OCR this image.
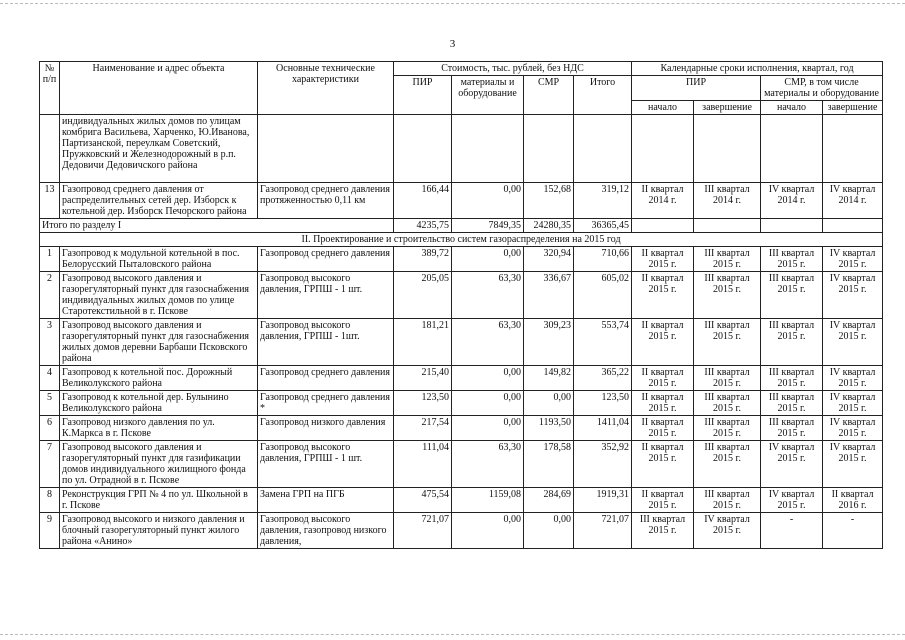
3
№ п/п	Наименование и адрес объекта	Основные технические характеристики	Стоимость, тыс. рублей, без НДС				Календарные сроки исполнения, квартал, год			
			ПИР	материалы и оборудование	СМР	Итого	ПИР		СМР, в том числе материалы и оборудование	
							начало	завершение	начало	завершение
	индивидуальных жилых домов по улицам комбрига Васильева, Харченко, Ю.Иванова, Партизанской, переулкам Советский, Пружковский и Железнодорожный в р.п. Дедовичи Дедовичского района									
13	Газопровод среднего давления от распределительных сетей дер. Изборск к котельной дер. Изборск Печорского района	Газопровод среднего давления протяженностью 0,11 км	166,44	0,00	152,68	319,12	II квартал 2014 г.	III квартал 2014 г.	IV квартал 2014 г.	IV квартал 2014 г.
Итого по разделу I			4235,75	7849,35	24280,35	36365,45				
II. Проектирование и строительство систем газораспределения на 2015 год										
1	Газопровод к модульной котельной в пос. Белорусский Пыталовского района	Газопровод среднего давления	389,72	0,00	320,94	710,66	II квартал 2015 г.	III квартал 2015 г.	III квартал 2015 г.	IV квартал 2015 г.
2	Газопровод высокого давления и газорегуляторный пункт для газоснабжения индивидуальных жилых домов по улице Старотекстильной в г. Пскове	Газопровод высокого давления, ГРПШ - 1 шт.	205,05	63,30	336,67	605,02	II квартал 2015 г.	III квартал 2015 г.	III квартал 2015 г.	IV квартал 2015 г.
3	Газопровод высокого давления и газорегуляторный пункт для газоснабжения жилых домов деревни Барбаши Псковского района	Газопровод высокого давления, ГРПШ - 1шт.	181,21	63,30	309,23	553,74	II квартал 2015 г.	III квартал 2015 г.	III квартал 2015 г.	IV квартал 2015 г.
4	Газопровод к котельной пос. Дорожный Великолукского района	Газопровод среднего давления	215,40	0,00	149,82	365,22	II квартал 2015 г.	III квартал 2015 г.	III квартал 2015 г.	IV квартал 2015 г.
5	Газопровод к котельной дер. Булынино Великолукского района	Газопровод среднего давления *	123,50	0,00	0,00	123,50	II квартал 2015 г.	III квартал 2015 г.	III квартал 2015 г.	IV квартал 2015 г.
6	Газопровод низкого давления по ул. К.Маркса в г. Пскове	Газопровод низкого давления	217,54	0,00	1193,50	1411,04	II квартал 2015 г.	III квартал 2015 г.	III квартал 2015 г.	IV квартал 2015 г.
7	Газопровод высокого давления и газорегуляторный пункт для газификации домов индивидуального жилищного фонда по ул. Отрадной в г. Пскове	Газопровод высокого давления, ГРПШ - 1 шт.	111,04	63,30	178,58	352,92	II квартал 2015 г.	III квартал 2015 г.	IV квартал 2015 г.	IV квартал 2015 г.
8	Реконструкция ГРП № 4 по ул. Школьной в г. Пскове	Замена ГРП на ПГБ	475,54	1159,08	284,69	1919,31	II квартал 2015 г.	III квартал 2015 г.	IV квартал 2015 г.	II квартал 2016 г.
9	Газопровод высокого и низкого давления и блочный газорегуляторный пункт жилого района «Анино»	Газопровод высокого давления, газопровод низкого давления,	721,07	0,00	0,00	721,07	III квартал 2015 г.	IV квартал 2015 г.	-	-
